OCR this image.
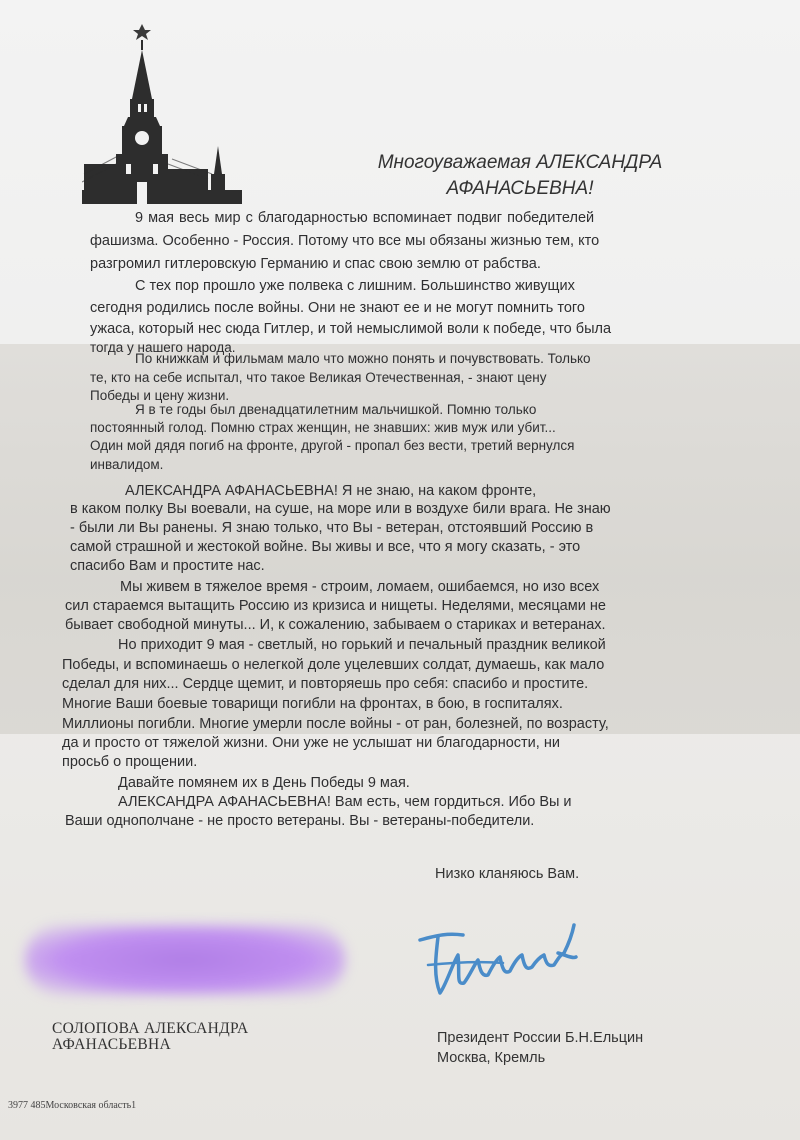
Многоуважаемая АЛЕКСАНДРА
АФАНАСЬЕВНА!

9 мая весь мир с благодарностью вспоминает подвиг победителей

фашизма. Особенно - Россия. Потому что все мы обязаны жизнью тем, кто

разгромил гитлеровскую Германию и спас свою землю от рабства.

С тех пор прошло уже полвека с лишним. Большинство живущих

сегодня родились после войны. Они не знают ее и не могут помнить того

ужаса, который нес сюда Гитлер, и той немыслимой воли к победе, что была

тогда у нашего народа.

По книжкам и фильмам мало что можно понять и почувствовать. Только

те, кто на себе испытал, что такое Великая Отечественная, - знают цену

Победы и цену жизни.

Я в те годы был двенадцатилетним мальчишкой. Помню только

постоянный голод. Помню страх женщин, не знавших: жив муж или убит...

Один мой дядя погиб на фронте, другой - пропал без вести, третий вернулся

инвалидом.

АЛЕКСАНДРА АФАНАСЬЕВНА! Я не знаю, на каком фронте,

в каком полку Вы воевали, на суше, на море или в воздухе били врага. Не знаю

- были ли Вы ранены. Я знаю только, что Вы - ветеран, отстоявший Россию в

самой страшной и жестокой войне. Вы живы и все, что я могу сказать, - это

спасибо Вам и простите нас.

Мы живем в тяжелое время - строим, ломаем, ошибаемся, но изо всех

сил стараемся вытащить Россию из кризиса и нищеты. Неделями, месяцами не

бывает свободной минуты... И, к сожалению, забываем о стариках и ветеранах.

Но приходит 9 мая - светлый, но горький и печальный праздник великой

Победы, и вспоминаешь о нелегкой доле уцелевших солдат, думаешь, как мало

сделал для них... Сердце щемит, и повторяешь про себя: спасибо и простите.

Многие Ваши боевые товарищи погибли на фронтах, в бою, в госпиталях.

Миллионы погибли. Многие умерли после войны - от ран, болезней, по возрасту,

да и просто от тяжелой жизни. Они уже не услышат ни благодарности, ни

просьб о прощении.

Давайте помянем их в День Победы 9 мая.

АЛЕКСАНДРА АФАНАСЬЕВНА! Вам есть, чем гордиться. Ибо Вы и

Ваши однополчане - не просто ветераны. Вы - ветераны-победители.

Низко кланяюсь Вам.
СОЛОПОВА АЛЕКСАНДРА
АФАНАСЬЕВНА	Президент России Б.Н.Ельцин
Москва, Кремль
3977 485Московская область1
